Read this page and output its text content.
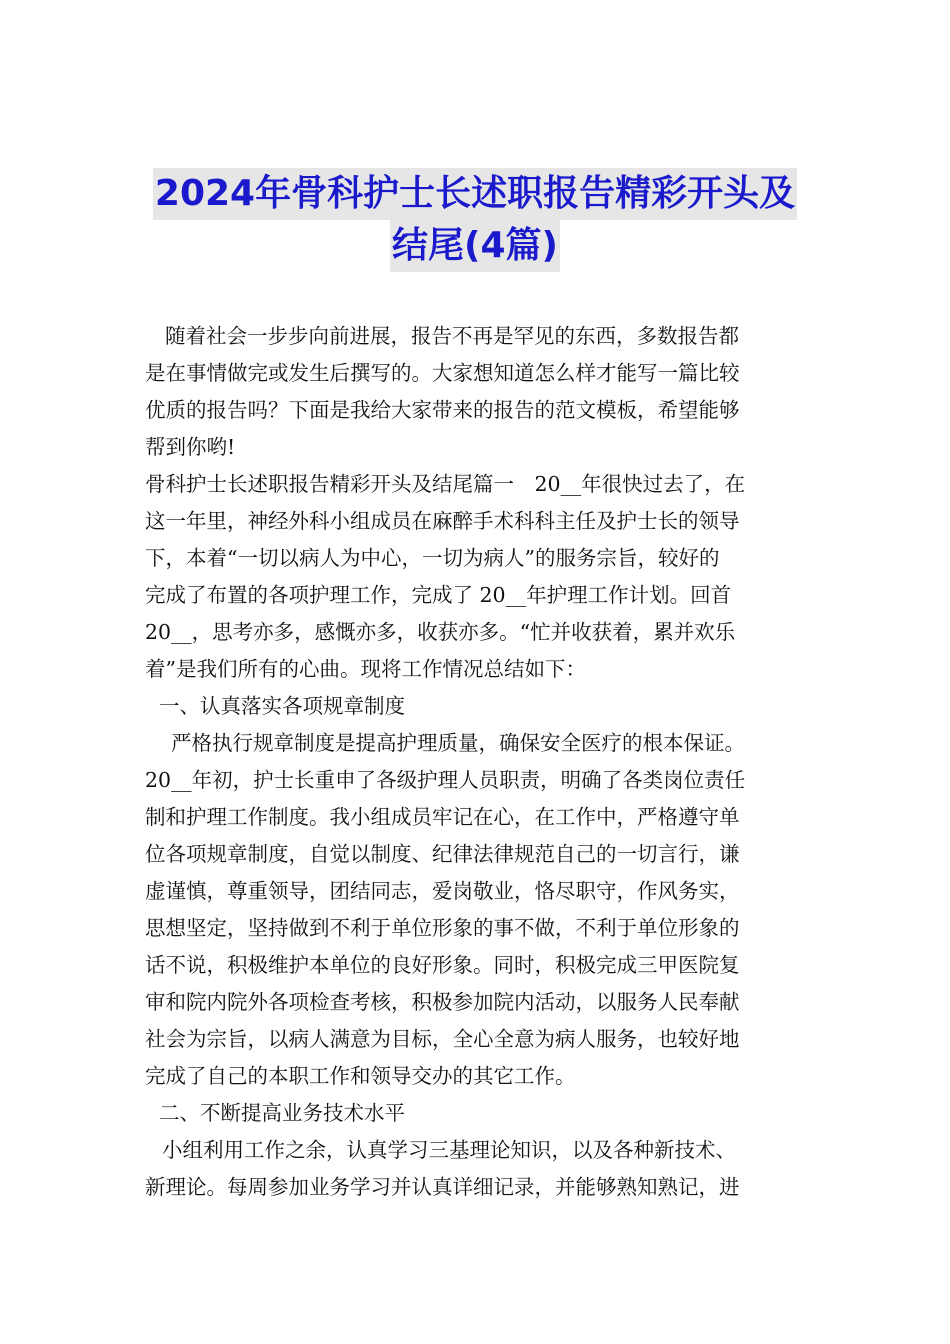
2024年骨科护士长述职报告精彩开头及
结尾(4篇)
随着社会一步步向前进展，报告不再是罕见的东西，多数报告都
是在事情做完或发生后撰写的。大家想知道怎么样才能写一篇比较
优质的报告吗？下面是我给大家带来的报告的范文模板，希望能够
帮到你哟!
骨科护士长述职报告精彩开头及结尾篇一　20__年很快过去了，在
这一年里，神经外科小组成员在麻醉手术科科主任及护士长的领导
下，本着“一切以病人为中心，一切为病人”的服务宗旨，较好的
完成了布置的各项护理工作，完成了 20__年护理工作计划。回首
20__，思考亦多，感慨亦多，收获亦多。“忙并收获着，累并欢乐
着”是我们所有的心曲。现将工作情况总结如下：
一、认真落实各项规章制度
严格执行规章制度是提高护理质量，确保安全医疗的根本保证。
20__年初，护士长重申了各级护理人员职责，明确了各类岗位责任
制和护理工作制度。我小组成员牢记在心，在工作中，严格遵守单
位各项规章制度，自觉以制度、纪律法律规范自己的一切言行，谦
虚谨慎，尊重领导，团结同志，爱岗敬业，恪尽职守，作风务实，
思想坚定，坚持做到不利于单位形象的事不做，不利于单位形象的
话不说，积极维护本单位的良好形象。同时，积极完成三甲医院复
审和院内院外各项检查考核，积极参加院内活动，以服务人民奉献
社会为宗旨，以病人满意为目标，全心全意为病人服务，也较好地
完成了自己的本职工作和领导交办的其它工作。
二、不断提高业务技术水平
小组利用工作之余，认真学习三基理论知识，以及各种新技术、
新理论。每周参加业务学习并认真详细记录，并能够熟知熟记，进
